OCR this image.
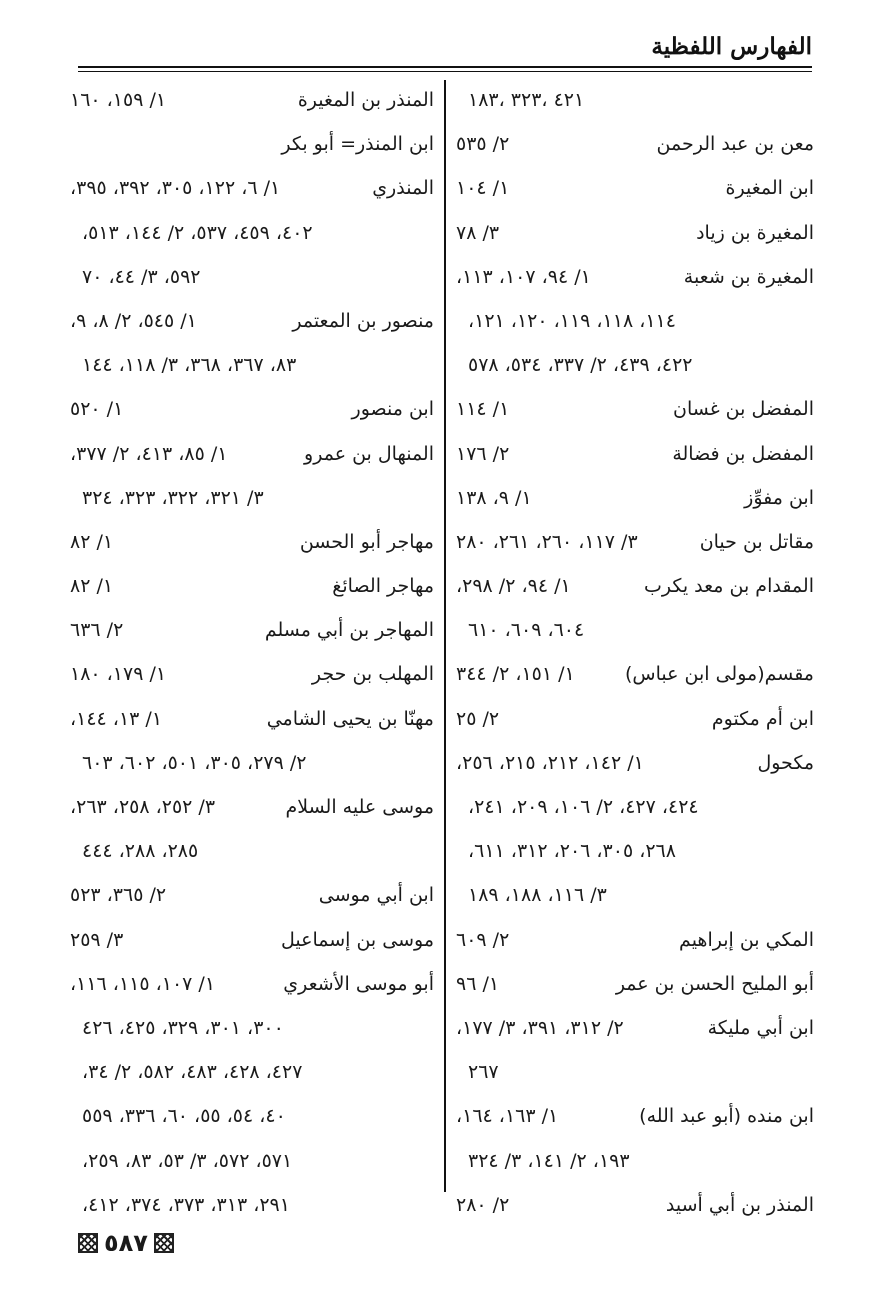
الفهارس اللفظية
٤٢١ ،٣٢٣ ،١٨٣
معن بن عبد الرحمن
٢/ ٥٣٥
ابن المغيرة
١/ ١٠٤
المغيرة بن زياد
٣/ ٧٨
المغيرة بن شعبة
١/ ٩٤، ١٠٧، ١١٣،
١١٤، ١١٨، ١١٩، ١٢٠، ١٢١،
٤٢٢، ٤٣٩، ٢/ ٣٣٧، ٥٣٤، ٥٧٨
المفضل بن غسان
١/ ١١٤
المفضل بن فضالة
٢/ ١٧٦
ابن مفوِّز
١/ ٩، ١٣٨
مقاتل بن حيان
٣/ ١١٧، ٢٦٠، ٢٦١، ٢٨٠
المقدام بن معد يكرب
١/ ٩٤، ٢/ ٢٩٨،
٦٠٤، ٦٠٩، ٦١٠
مقسم(مولى ابن عباس)
١/ ١٥١، ٢/ ٣٤٤
ابن أم مكتوم
٢/ ٢٥
مكحول
١/ ١٤٢، ٢١٢، ٢١٥، ٢٥٦،
٤٢٤، ٤٢٧، ٢/ ١٠٦، ٢٠٩، ٢٤١،
٢٦٨، ٣٠٥، ٢٠٦، ٣١٢، ٦١١،
٣/ ١١٦، ١٨٨، ١٨٩
المكي بن إبراهيم
٢/ ٦٠٩
أبو المليح الحسن بن عمر
١/ ٩٦
ابن أبي مليكة
٢/ ٣١٢، ٣٩١، ٣/ ١٧٧،
٢٦٧
ابن منده (أبو عبد الله)
١/ ١٦٣، ١٦٤،
١٩٣، ٢/ ١٤١، ٣/ ٣٢٤
المنذر بن أبي أسيد
٢/ ٢٨٠
المنذر بن المغيرة
١/ ١٥٩، ١٦٠
ابن المنذر= أبو بكر
المنذري
١/ ٦، ١٢٢، ٣٠٥، ٣٩٢، ٣٩٥،
٤٠٢، ٤٥٩، ٥٣٧، ٢/ ١٤٤، ٥١٣،
٥٩٢، ٣/ ٤٤، ٧٠
منصور بن المعتمر
١/ ٥٤٥، ٢/ ٨، ٩،
٨٣، ٣٦٧، ٣٦٨، ٣/ ١١٨، ١٤٤
ابن منصور
١/ ٥٢٠
المنهال بن عمرو
١/ ٨٥، ٤١٣، ٢/ ٣٧٧،
٣/ ٣٢١، ٣٢٢، ٣٢٣، ٣٢٤
مهاجر أبو الحسن
١/ ٨٢
مهاجر الصائغ
١/ ٨٢
المهاجر بن أبي مسلم
٢/ ٦٣٦
المهلب بن حجر
١/ ١٧٩، ١٨٠
مهنّا بن يحيى الشامي
١/ ١٣، ١٤٤،
٢/ ٢٧٩، ٣٠٥، ٥٠١، ٦٠٢، ٦٠٣
موسى عليه السلام
٣/ ٢٥٢، ٢٥٨، ٢٦٣،
٢٨٥، ٢٨٨، ٤٤٤
ابن أبي موسى
٢/ ٣٦٥، ٥٢٣
موسى بن إسماعيل
٣/ ٢٥٩
أبو موسى الأشعري
١/ ١٠٧، ١١٥، ١١٦،
٣٠٠، ٣٠١، ٣٢٩، ٤٢٥، ٤٢٦
٤٢٧، ٤٢٨، ٤٨٣، ٥٨٢، ٢/ ٣٤،
٤٠، ٥٤، ٥٥، ٦٠، ٣٣٦، ٥٥٩
٥٧١، ٥٧٢، ٣/ ٥٣، ٨٣، ٢٥٩،
٢٩١، ٣١٣، ٣٧٣، ٣٧٤، ٤١٢،
٥٨٧
